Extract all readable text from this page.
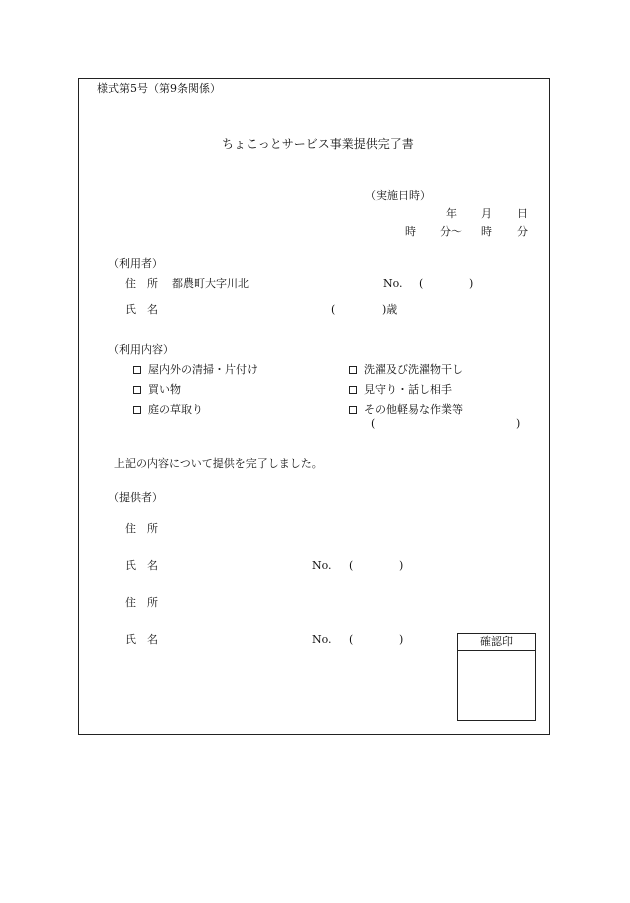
様式第5号（第9条関係）
ちょこっとサービス事業提供完了書
（実施日時）
年 月 日
時 分～ 時 分
（利用者）
住　所 都農町大字川北	No. (	)
氏　名	(	)歳
（利用内容）
屋内外の清掃・片付け	洗濯及び洗濯物干し
買い物	見守り・話し相手
庭の草取り	その他軽易な作業等
(	)
上記の内容について提供を完了しました。
（提供者）
住　所
氏　名	No. (	)
住　所
氏　名	No. (	)	確認印
